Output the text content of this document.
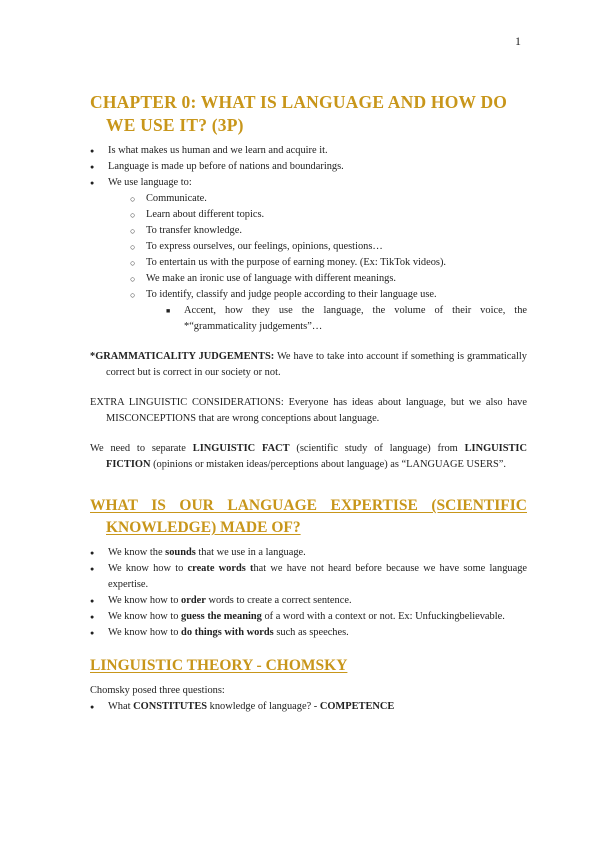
1
CHAPTER 0: WHAT IS LANGUAGE AND HOW DO WE USE IT? (3P)
● Is what makes us human and we learn and acquire it.
● Language is made up before of nations and boundarings.
● We use language to:
○ Communicate.
○ Learn about different topics.
○ To transfer knowledge.
○ To express ourselves, our feelings, opinions, questions…
○ To entertain us with the purpose of earning money. (Ex: TikTok videos).
○ We make an ironic use of language with different meanings.
○ To identify, classify and judge people according to their language use.
■ Accent, how they use the language, the volume of their voice, the *“grammaticality judgements”…

*GRAMMATICALITY JUDGEMENTS: We have to take into account if something is grammatically correct but is correct in our society or not.

EXTRA LINGUISTIC CONSIDERATIONS: Everyone has ideas about language, but we also have MISCONCEPTIONS that are wrong conceptions about language.

We need to separate LINGUISTIC FACT (scientific study of language) from LINGUISTIC FICTION (opinions or mistaken ideas/perceptions about language) as “LANGUAGE USERS”.

WHAT IS OUR LANGUAGE EXPERTISE (SCIENTIFIC
KNOWLEDGE) MADE OF?
● We know the sounds that we use in a language.
● We know how to create words that we have not heard before because we have some language expertise.
● We know how to order words to create a correct sentence.
● We know how to guess the meaning of a word with a context or not. Ex: Unfuckingbelievable.
● We know how to do things with words such as speeches.
LINGUISTIC THEORY - CHOMSKY

Chomsky posed three questions:

● What CONSTITUTES knowledge of language? - COMPETENCE
